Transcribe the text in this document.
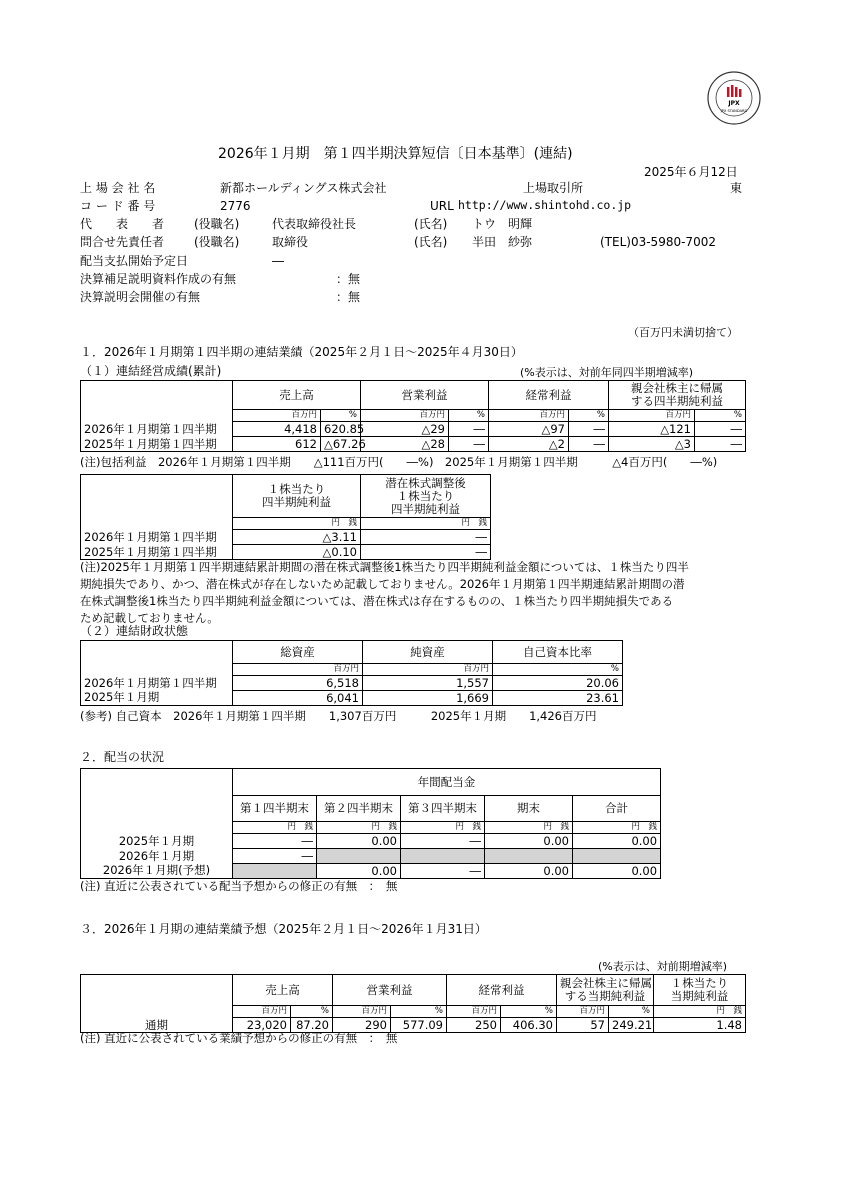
JPX
JPX STANDARD
2026年１月期　第１四半期決算短信〔日本基準〕(連結)
2025年６月12日
上 場 会 社 名	新都ホールディングス株式会社	上場取引所	東
コ ー ド 番 号	2776	URL http://www.shintohd.co.jp
代　　表　　者 (役職名)	代表取締役社長	(氏名) トウ　明輝
問合せ先責任者 (役職名)	取締役	(氏名) 半田　紗弥	(TEL)03-5980-7002
配当支払開始予定日	―
決算補足説明資料作成の有無	：無
決算説明会開催の有無	：無
（百万円未満切捨て）
１．2026年１月期第１四半期の連結業績（2025年２月１日～2025年４月30日）
（１）連結経営成績(累計)	(%表示は、対前年同四半期増減率)
	売上高		営業利益		経常利益		親会社株主に帰属
する四半期純利益	
	百万円	%	百万円	%	百万円	%	百万円	%
2026年１月期第１四半期	4,418	620.85	△29	―	△97	―	△121	―
2025年１月期第１四半期	612	△67.26	△28	―	△2	―	△3	―
(注)包括利益　2026年１月期第１四半期　　△111百万円(　　―%)　2025年１月期第１四半期　　　△4百万円(　　―%)
	１株当たり
四半期純利益	潜在株式調整後
１株当たり
四半期純利益
	円　銭	円　銭
2026年１月期第１四半期	△3.11	―
2025年１月期第１四半期	△0.10	―
(注)2025年１月期第１四半期連結累計期間の潜在株式調整後1株当たり四半期純利益金額については、１株当たり四半
期純損失であり、かつ、潜在株式が存在しないため記載しておりません。2026年１月期第１四半期連結累計期間の潜
在株式調整後1株当たり四半期純利益金額については、潜在株式は存在するものの、１株当たり四半期純損失である
ため記載しておりません。
（２）連結財政状態
	総資産	純資産	自己資本比率
	百万円	百万円	%
2026年１月期第１四半期	6,518	1,557	20.06
2025年１月期	6,041	1,669	23.61
(参考) 自己資本　2026年１月期第１四半期　　1,307百万円　　　2025年１月期　　1,426百万円
２．配当の状況
	年間配当金				
	第１四半期末	第２四半期末	第３四半期末	期末	合計
	円　銭	円　銭	円　銭	円　銭	円　銭
2025年１月期	―	0.00	―	0.00	0.00
2026年１月期	―				
2026年１月期(予想)		0.00	―	0.00	0.00
(注) 直近に公表されている配当予想からの修正の有無　：　無
３．2026年１月期の連結業績予想（2025年２月１日～2026年１月31日）
(%表示は、対前期増減率)
	売上高		営業利益		経常利益		親会社株主に帰属
する当期純利益		１株当たり
当期純利益
	百万円	%	百万円	%	百万円	%	百万円	%	円　銭
通期	23,020	87.20	290	577.09	250	406.30	57	249.21	1.48
(注) 直近に公表されている業績予想からの修正の有無　：　無
